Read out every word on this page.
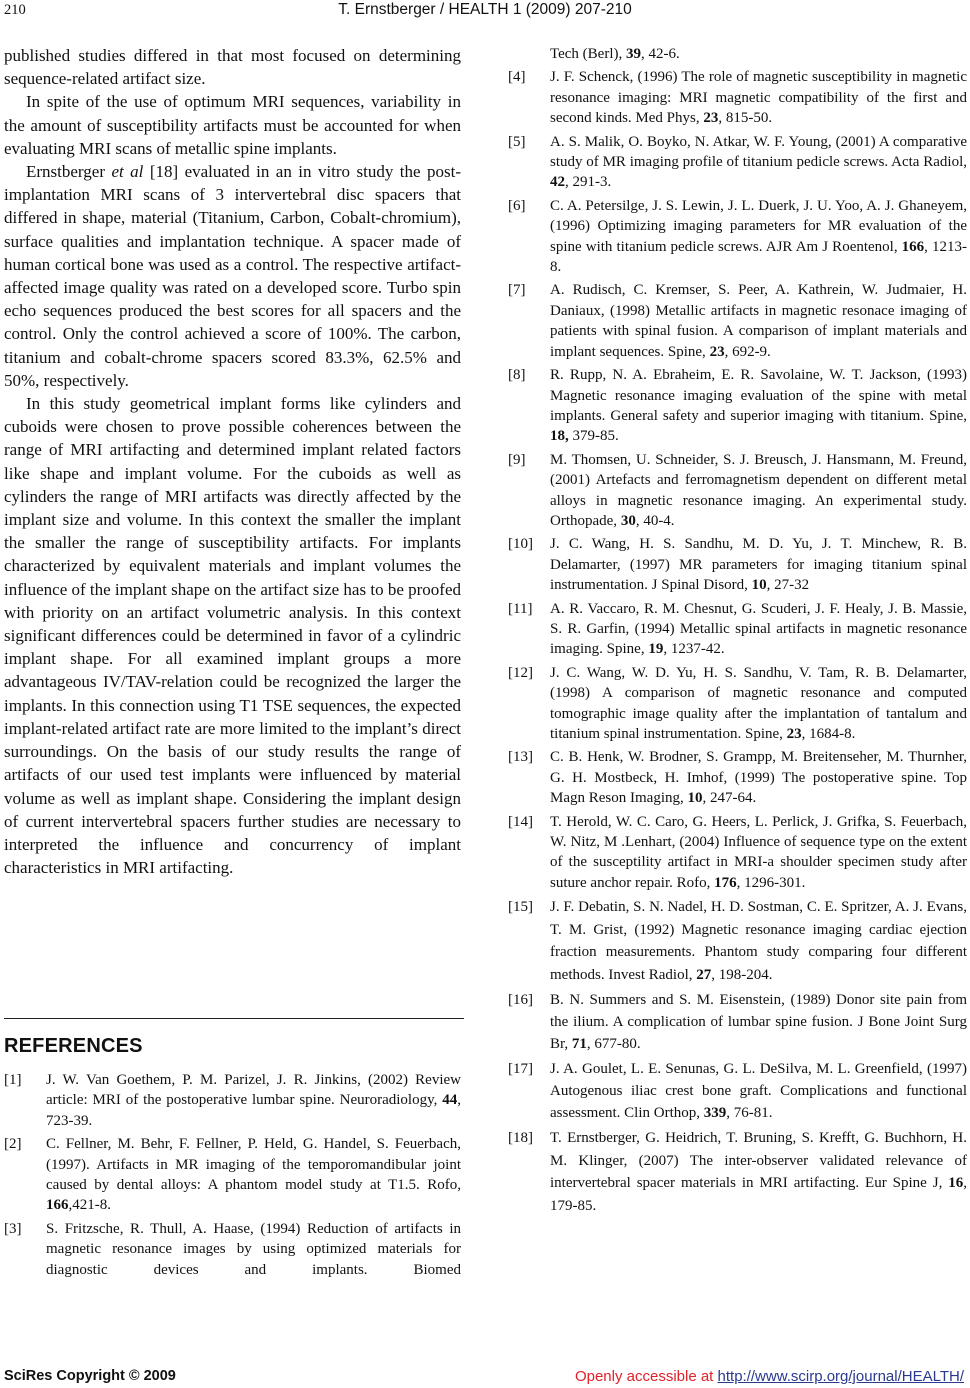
210	T. Ernstberger / HEALTH 1 (2009) 207-210

published studies differed in that most focused on determining sequence-related artifact size.

In spite of the use of optimum MRI sequences, variability in the amount of susceptibility artifacts must be accounted for when evaluating MRI scans of metallic spine implants.

Ernstberger et al [18] evaluated in an in vitro study the post-implantation MRI scans of 3 intervertebral disc spacers that differed in shape, material (Titanium, Carbon, Cobalt-chromium), surface qualities and implantation technique. A spacer made of human cortical bone was used as a control. The respective artifact-affected image quality was rated on a developed score. Turbo spin echo sequences produced the best scores for all spacers and the control. Only the control achieved a score of 100%. The carbon, titanium and cobalt-chrome spacers scored 83.3%, 62.5% and 50%, respectively.

In this study geometrical implant forms like cylinders and cuboids were chosen to prove possible coherences between the range of MRI artifacting and determined implant related factors like shape and implant volume. For the cuboids as well as cylinders the range of MRI artifacts was directly affected by the implant size and volume. In this context the smaller the implant the smaller the range of susceptibility artifacts. For implants characterized by equivalent materials and implant volumes the influence of the implant shape on the artifact size has to be proofed with priority on an artifact volumetric analysis. In this context significant differences could be determined in favor of a cylindric implant shape. For all examined implant groups a more advantageous IV/TAV-relation could be recognized the larger the implants. In this connection using T1 TSE sequences, the expected implant-related artifact rate are more limited to the implant’s direct surroundings. On the basis of our study results the range of artifacts of our used test implants were influenced by material volume as well as implant shape. Considering the implant design of current intervertebral spacers further studies are necessary to interpreted the influence and concurrency of implant characteristics in MRI artifacting.

REFERENCES
[1]	J. W. Van Goethem, P. M. Parizel, J. R. Jinkins, (2002) Review article: MRI of the postoperative lumbar spine. Neuroradiology, 44, 723-39.
[2]	C. Fellner, M. Behr, F. Fellner, P. Held, G. Handel, S. Feuerbach, (1997). Artifacts in MR imaging of the temporomandibular joint caused by dental alloys: A phantom model study at T1.5. Rofo, 166,421-8.
[3]	S. Fritzsche, R. Thull, A. Haase, (1994) Reduction of artifacts in magnetic resonance images by using optimized materials for diagnostic devices and implants. Biomed
Tech (Berl), 39, 42-6.
[4]	J. F. Schenck, (1996) The role of magnetic susceptibility in magnetic resonance imaging: MRI magnetic compatibility of the first and second kinds. Med Phys, 23, 815-50.
[5]	A. S. Malik, O. Boyko, N. Atkar, W. F. Young, (2001) A comparative study of MR imaging profile of titanium pedicle screws. Acta Radiol, 42, 291-3.
[6]	C. A. Petersilge, J. S. Lewin, J. L. Duerk, J. U. Yoo, A. J. Ghaneyem, (1996) Optimizing imaging parameters for MR evaluation of the spine with titanium pedicle screws. AJR Am J Roentenol, 166, 1213-8.
[7]	A. Rudisch, C. Kremser, S. Peer, A. Kathrein, W. Judmaier, H. Daniaux, (1998) Metallic artifacts in magnetic resonace imaging of patients with spinal fusion. A comparison of implant materials and implant sequences. Spine, 23, 692-9.
[8]	R. Rupp, N. A. Ebraheim, E. R. Savolaine, W. T. Jackson, (1993) Magnetic resonance imaging evaluation of the spine with metal implants. General safety and superior imaging with titanium. Spine, 18, 379-85.
[9]	M. Thomsen, U. Schneider, S. J. Breusch, J. Hansmann, M. Freund, (2001) Artefacts and ferromagnetism dependent on different metal alloys in magnetic resonance imaging. An experimental study. Orthopade, 30, 40-4.
[10]	J. C. Wang, H. S. Sandhu, M. D. Yu, J. T. Minchew, R. B. Delamarter, (1997) MR parameters for imaging titanium spinal instrumentation. J Spinal Disord, 10, 27-32
[11]	A. R. Vaccaro, R. M. Chesnut, G. Scuderi, J. F. Healy, J. B. Massie, S. R. Garfin, (1994) Metallic spinal artifacts in magnetic resonance imaging. Spine, 19, 1237-42.
[12]	J. C. Wang, W. D. Yu, H. S. Sandhu, V. Tam, R. B. Delamarter, (1998) A comparison of magnetic resonance and computed tomographic image quality after the implantation of tantalum and titanium spinal instrumentation. Spine, 23, 1684-8.
[13]	C. B. Henk, W. Brodner, S. Grampp, M. Breitenseher, M. Thurnher, G. H. Mostbeck, H. Imhof, (1999) The postoperative spine. Top Magn Reson Imaging, 10, 247-64.
[14]	T. Herold, W. C. Caro, G. Heers, L. Perlick, J. Grifka, S. Feuerbach, W. Nitz, M .Lenhart, (2004) Influence of sequence type on the extent of the susceptility artifact in MRI-a shoulder specimen study after suture anchor repair. Rofo, 176, 1296-301.
[15]	J. F. Debatin, S. N. Nadel, H. D. Sostman, C. E. Spritzer, A. J. Evans, T. M. Grist, (1992) Magnetic resonance imaging cardiac ejection fraction measurements. Phantom study comparing four different methods. Invest Radiol, 27, 198-204.
[16]	B. N. Summers and S. M. Eisenstein, (1989) Donor site pain from the ilium. A complication of lumbar spine fusion. J Bone Joint Surg Br, 71, 677-80.
[17]	J. A. Goulet, L. E. Senunas, G. L. DeSilva, M. L. Greenfield, (1997) Autogenous iliac crest bone graft. Complications and functional assessment. Clin Orthop, 339, 76-81.
[18]	T. Ernstberger, G. Heidrich, T. Bruning, S. Krefft, G. Buchhorn, H. M. Klinger, (2007) The inter-observer validated relevance of intervertebral spacer materials in MRI artifacting. Eur Spine J, 16, 179-85.
SciRes Copyright © 2009	Openly accessible at http://www.scirp.org/journal/HEALTH/
